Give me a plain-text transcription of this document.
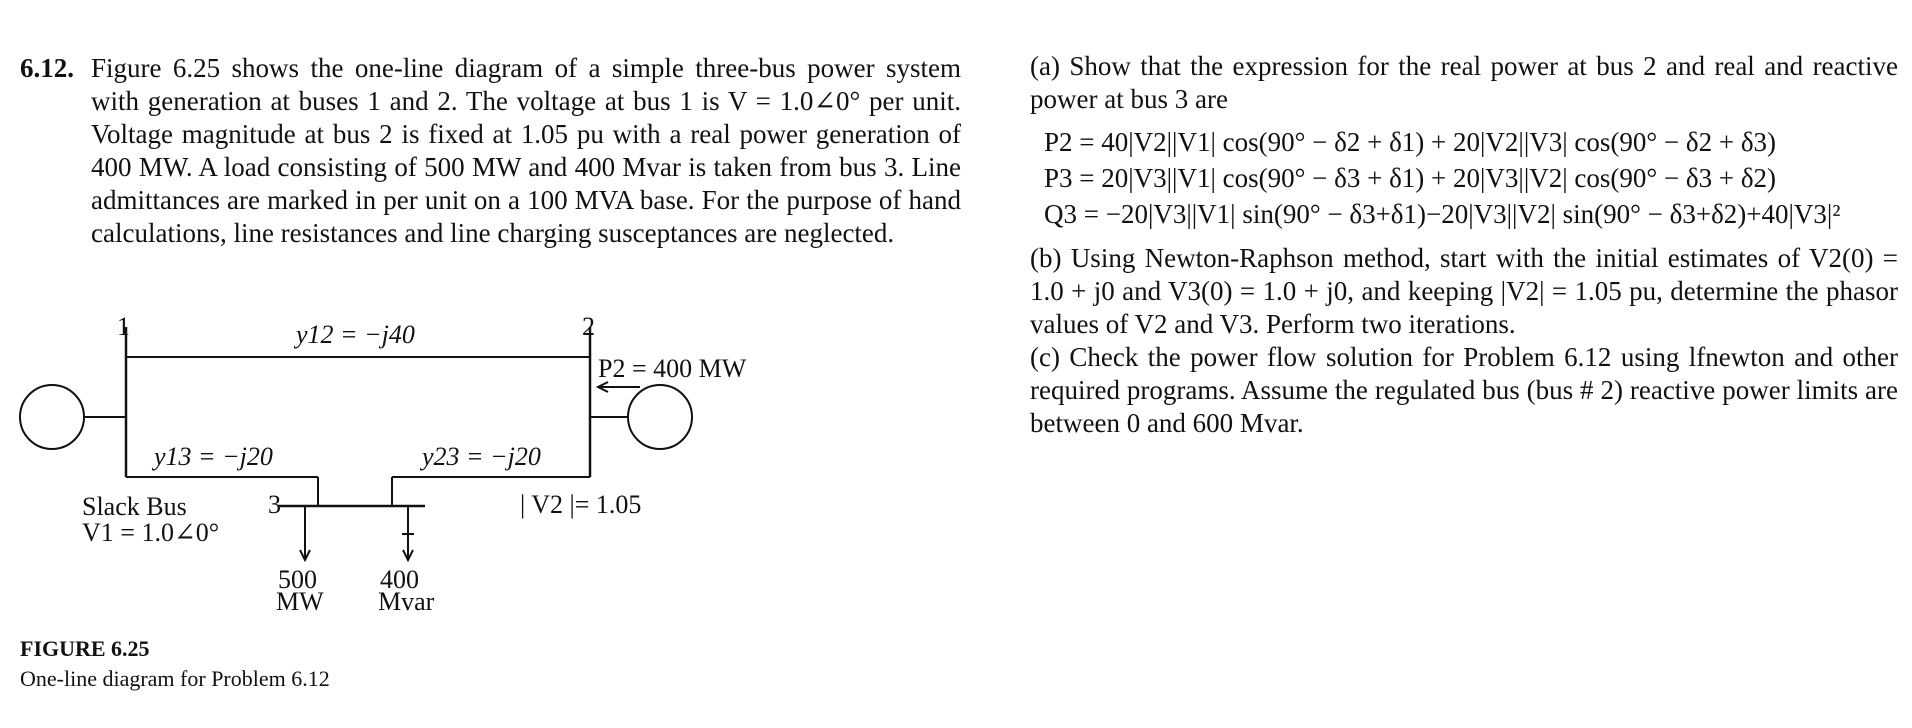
6.12. Figure 6.25 shows the one-line diagram of a simple three-bus power system with generation at buses 1 and 2. The voltage at bus 1 is V = 1.0∠0° per unit. Voltage magnitude at bus 2 is fixed at 1.05 pu with a real power generation of 400 MW. A load consisting of 500 MW and 400 Mvar is taken from bus 3. Line admittances are marked in per unit on a 100 MVA base. For the purpose of hand calculations, line resistances and line charging susceptances are neglected.
1	2
3
y12 = −j40
y13 = −j20	y23 = −j20
P2 = 400 MW
| V2 |= 1.05
Slack Bus
V1 = 1.0∠0°
500
MW
400
Mvar
FIGURE 6.25
One-line diagram for Problem 6.12

(a) Show that the expression for the real power at bus 2 and real and reactive power at bus 3 are

P2 = 40|V2||V1| cos(90° − δ2 + δ1) + 20|V2||V3| cos(90° − δ2 + δ3)
P3 = 20|V3||V1| cos(90° − δ3 + δ1) + 20|V3||V2| cos(90° − δ3 + δ2)
Q3 = −20|V3||V1| sin(90° − δ3+δ1)−20|V3||V2| sin(90° − δ3+δ2)+40|V3|²

(b) Using Newton-Raphson method, start with the initial estimates of V2(0) = 1.0 + j0 and V3(0) = 1.0 + j0, and keeping |V2| = 1.05 pu, determine the phasor values of V2 and V3. Perform two iterations.

(c) Check the power flow solution for Problem 6.12 using lfnewton and other required programs. Assume the regulated bus (bus # 2) reactive power limits are between 0 and 600 Mvar.
